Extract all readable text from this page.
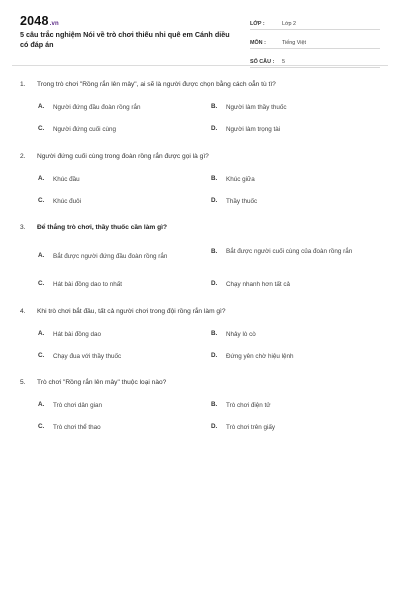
2048.vn
5 câu trắc nghiệm Nói về trò chơi thiếu nhi quê em Cánh diều có đáp án
LỚP :	Lớp 2
MÔN :	Tiếng Việt
SỐ CÂU :	5
1.	Trong trò chơi "Rồng rắn lên mây", ai sẽ là người được chọn bằng cách oẳn tù tì?
A.	Người đứng đầu đoàn rồng rắn	B.	Người làm thầy thuốc
C.	Người đứng cuối cùng	D.	Người làm trọng tài
2.	Người đứng cuối cùng trong đoàn rồng rắn được gọi là gì?
A.	Khúc đầu	B.	Khúc giữa
C.	Khúc đuôi	D.	Thầy thuốc
3.	Để thắng trò chơi, thầy thuốc cần làm gì?
A.	Bắt được người đứng đầu đoàn rồng rắn
B.	Bắt được người cuối cùng của đoàn rồng rắn
C.	Hát bài đồng dao to nhất	D.	Chạy nhanh hơn tất cả
4.	Khi trò chơi bắt đầu, tất cả người chơi trong đội rồng rắn làm gì?
A.	Hát bài đồng dao	B.	Nhảy lò cò
C.	Chạy đua với thầy thuốc	D.	Đứng yên chờ hiệu lệnh
5.	Trò chơi "Rồng rắn lên mây" thuộc loại nào?
A.	Trò chơi dân gian	B.	Trò chơi điện tử
C.	Trò chơi thể thao	D.	Trò chơi trên giấy
